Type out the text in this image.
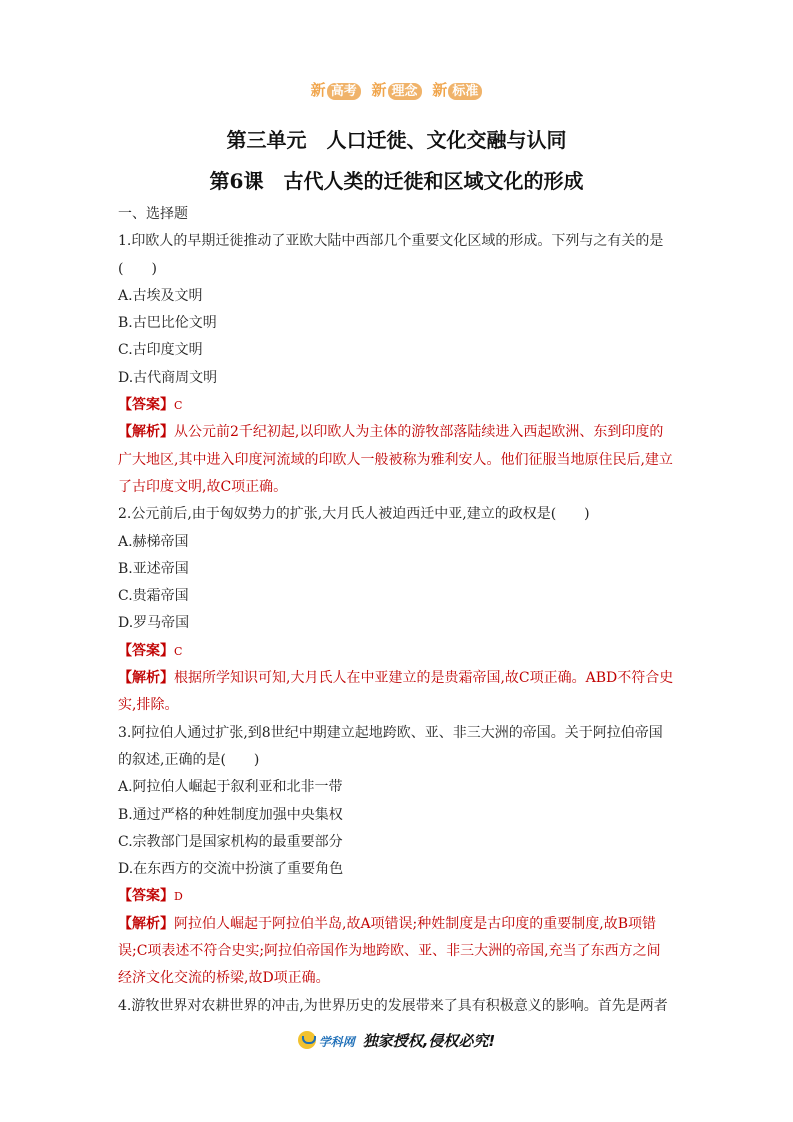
新 高考 新 理念 新 标准
第三单元　人口迁徙、文化交融与认同
第6课　古代人类的迁徙和区域文化的形成
一、选择题
1.印欧人的早期迁徙推动了亚欧大陆中西部几个重要文化区域的形成。下列与之有关的是
(　　)
A.古埃及文明
B.古巴比伦文明
C.古印度文明
D.古代商周文明
【答案】C
【解析】从公元前2千纪初起,以印欧人为主体的游牧部落陆续进入西起欧洲、东到印度的
广大地区,其中进入印度河流域的印欧人一般被称为雅利安人。他们征服当地原住民后,建立
了古印度文明,故C项正确。
2.公元前后,由于匈奴势力的扩张,大月氏人被迫西迁中亚,建立的政权是(　　)
A.赫梯帝国
B.亚述帝国
C.贵霜帝国
D.罗马帝国
【答案】C
【解析】根据所学知识可知,大月氏人在中亚建立的是贵霜帝国,故C项正确。ABD不符合史
实,排除。
3.阿拉伯人通过扩张,到8世纪中期建立起地跨欧、亚、非三大洲的帝国。关于阿拉伯帝国
的叙述,正确的是(　　)
A.阿拉伯人崛起于叙利亚和北非一带
B.通过严格的种姓制度加强中央集权
C.宗教部门是国家机构的最重要部分
D.在东西方的交流中扮演了重要角色
【答案】D
【解析】阿拉伯人崛起于阿拉伯半岛,故A项错误;种姓制度是古印度的重要制度,故B项错
误;C项表述不符合史实;阿拉伯帝国作为地跨欧、亚、非三大洲的帝国,充当了东西方之间
经济文化交流的桥梁,故D项正确。
4.游牧世界对农耕世界的冲击,为世界历史的发展带来了具有积极意义的影响。首先是两者
学科网 独家授权,侵权必究!
